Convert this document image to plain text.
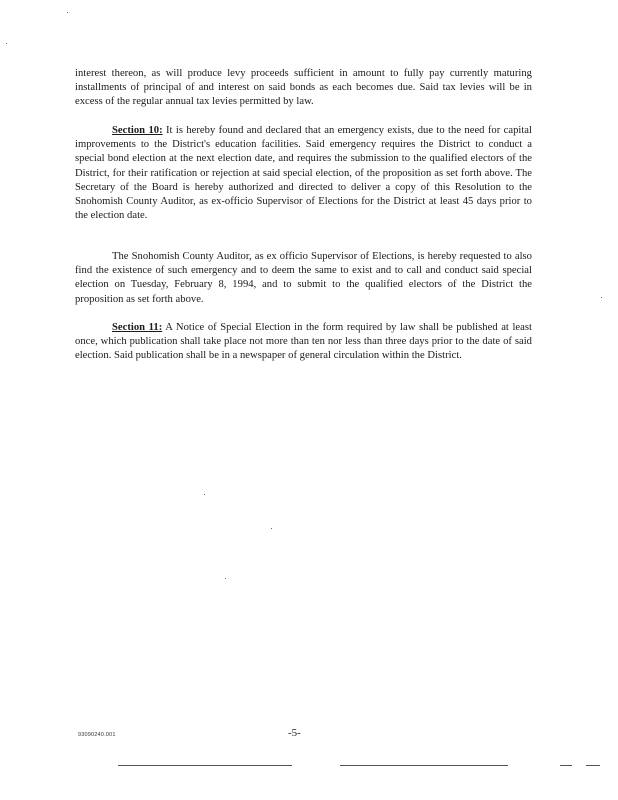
interest thereon, as will produce levy proceeds sufficient in amount to fully pay currently maturing installments of principal of and interest on said bonds as each becomes due. Said tax levies will be in excess of the regular annual tax levies permitted by law.

Section 10: It is hereby found and declared that an emergency exists, due to the need for capital improvements to the District's education facilities. Said emergency requires the District to conduct a special bond election at the next election date, and requires the submission to the qualified electors of the District, for their ratification or rejection at said special election, of the proposition as set forth above. The Secretary of the Board is hereby authorized and directed to deliver a copy of this Resolution to the Snohomish County Auditor, as ex-officio Supervisor of Elections for the District at least 45 days prior to the election date.

The Snohomish County Auditor, as ex officio Supervisor of Elections, is hereby requested to also find the existence of such emergency and to deem the same to exist and to call and conduct said special election on Tuesday, February 8, 1994, and to submit to the qualified electors of the District the proposition as set forth above.

Section 11: A Notice of Special Election in the form required by law shall be published at least once, which publication shall take place not more than ten nor less than three days prior to the date of said election. Said publication shall be in a newspaper of general circulation within the District.

93090240.001	-5-
